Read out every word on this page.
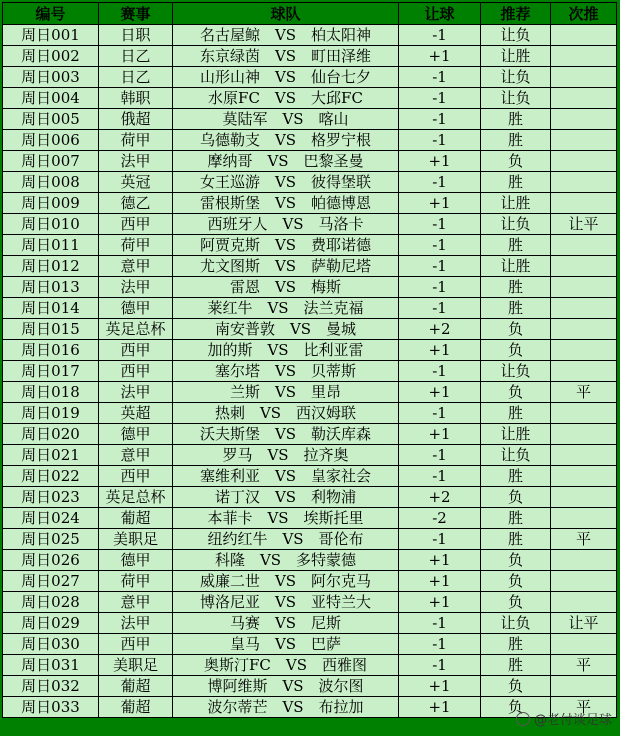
编号	赛事	球队	让球	推荐	次推
周日001	日职	名古屋鲸　VS　柏太阳神	-1	让负	
周日002	日乙	东京绿茵　VS　町田泽维	+1	让胜	
周日003	日乙	山形山神　VS　仙台七夕	-1	让负	
周日004	韩职	水原FC　VS　大邱FC	-1	让负	
周日005	俄超	莫陆军　VS　喀山	-1	胜	
周日006	荷甲	乌德勒支　VS　格罗宁根	-1	胜	
周日007	法甲	摩纳哥　VS　巴黎圣曼	+1	负	
周日008	英冠	女王巡游　VS　彼得堡联	-1	胜	
周日009	德乙	雷根斯堡　VS　帕德博恩	+1	让胜	
周日010	西甲	西班牙人　VS　马洛卡	-1	让负	让平
周日011	荷甲	阿贾克斯　VS　费耶诺德	-1	胜	
周日012	意甲	尤文图斯　VS　萨勒尼塔	-1	让胜	
周日013	法甲	雷恩　VS　梅斯	-1	胜	
周日014	德甲	莱红牛　VS　法兰克福	-1	胜	
周日015	英足总杯	南安普敦　VS　曼城	+2	负	
周日016	西甲	加的斯　VS　比利亚雷	+1	负	
周日017	西甲	塞尔塔　VS　贝蒂斯	-1	让负	
周日018	法甲	兰斯　VS　里昂	+1	负	平
周日019	英超	热刺　VS　西汉姆联	-1	胜	
周日020	德甲	沃夫斯堡　VS　勒沃库森	+1	让胜	
周日021	意甲	罗马　VS　拉齐奥	-1	让负	
周日022	西甲	塞维利亚　VS　皇家社会	-1	胜	
周日023	英足总杯	诺丁汉　VS　利物浦	+2	负	
周日024	葡超	本菲卡　VS　埃斯托里	-2	胜	
周日025	美职足	纽约红牛　VS　哥伦布	-1	胜	平
周日026	德甲	科隆　VS　多特蒙德	+1	负	
周日027	荷甲	威廉二世　VS　阿尔克马	+1	负	
周日028	意甲	博洛尼亚　VS　亚特兰大	+1	负	
周日029	法甲	马赛　VS　尼斯	-1	让负	让平
周日030	西甲	皇马　VS　巴萨	-1	胜	
周日031	美职足	奥斯汀FC　VS　西雅图	-1	胜	平
周日032	葡超	博阿维斯　VS　波尔图	+1	负	
周日033	葡超	波尔蒂芒　VS　布拉加	+1	负	平
@老付谈足球
